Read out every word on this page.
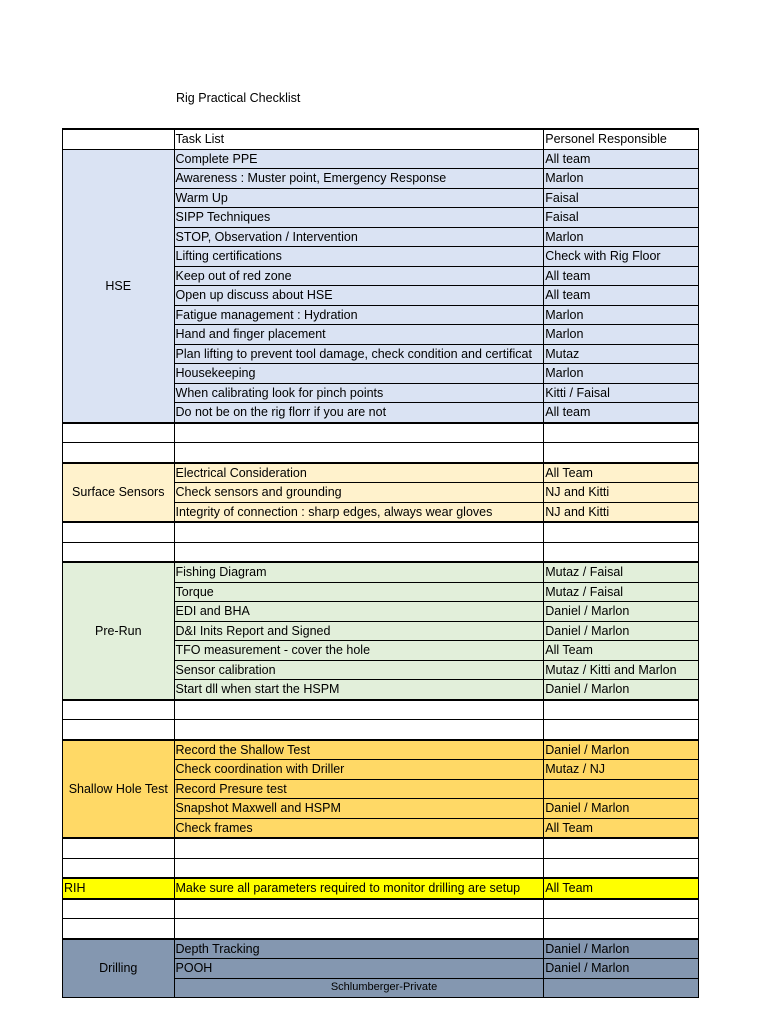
Rig Practical Checklist
	Task List	Personel Responsible
HSE	Complete PPE	All team
	Awareness : Muster point, Emergency Response	Marlon
	Warm Up	Faisal
	SIPP Techniques	Faisal
	STOP, Observation / Intervention	Marlon
	Lifting certifications	Check with Rig Floor
	Keep out of red zone	All team
	Open up discuss about HSE	All team
	Fatigue management : Hydration	Marlon
	Hand and finger placement	Marlon
	Plan lifting to prevent tool damage, check condition and certificat	Mutaz
	Housekeeping	Marlon
	When calibrating look for pinch points	Kitti / Faisal
	Do not be on the rig florr if you are not	All team

Surface Sensors	Electrical Consideration	All Team
	Check sensors and grounding	NJ and Kitti
	Integrity of connection : sharp edges, always wear gloves	NJ and Kitti

Pre-Run	Fishing Diagram	Mutaz / Faisal
	Torque	Mutaz / Faisal
	EDI and BHA	Daniel / Marlon
	D&I Inits Report and Signed	Daniel / Marlon
	TFO measurement - cover the hole	All Team
	Sensor calibration	Mutaz / Kitti and Marlon
	Start dll when start the HSPM	Daniel / Marlon

Shallow Hole Test	Record the Shallow Test	Daniel / Marlon
	Check coordination with Driller	Mutaz / NJ
	Record Presure test	
	Snapshot Maxwell and HSPM	Daniel / Marlon
	Check frames	All Team

RIH	Make sure all parameters required to monitor drilling are setup	All Team

Drilling	Depth Tracking	Daniel / Marlon
	POOH	Daniel / Marlon

Schlumberger-Private
